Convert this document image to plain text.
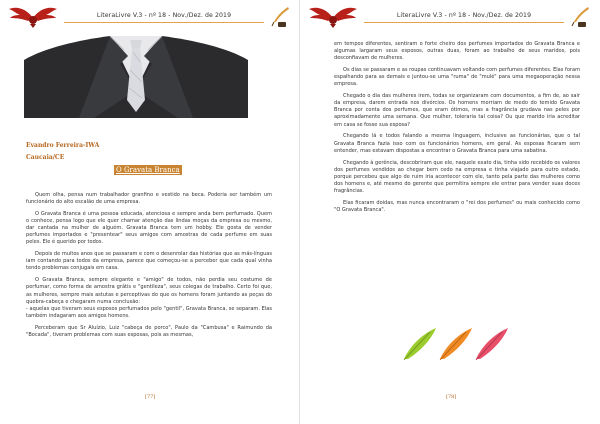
LiteraLivre V.3 - nº 18 - Nov./Dez. de 2019
Evandro Ferreira-IWA
Caucaia/CE
O Gravata Branca

Quem olha, pensa num trabalhador granfino e vestido na beca. Poderia ser também um funcionário do alto escalão de uma empresa.

O Gravata Branca é uma pessoa educada, atenciosa e sempre anda bem perfumado. Quem o conhece, pensa logo que ele quer chamar atenção das lindas moças da empresa ou mesmo, dar cantada na mulher de alguém. Gravata Branca tem um hobby. Ele gosta de vender perfumes importados e "presentear" seus amigos com amostras de cada perfume em suas peles. Ele é querido por todos.

Depois de muitos anos que se passaram e com o desenrolar das histórias que as más-línguas iam contando para todos da empresa, parece que começou-se a perceber que cada qual vinha tendo problemas conjugais em casa.

O Gravata Branca, sempre elegante e "amigo" de todos, não perdia seu costume de perfumar, como forma de amostra grátis e "gentileza", seus colegas de trabalho. Certo foi que, as mulheres, sempre mais astutas e perceptivas do que os homens foram juntando as peças do quebra-cabeça e chegaram numa conclusão:

- aquelas que tiveram seus esposos perfumados pelo "gentil", Gravata Branca, se separam. Elas também indagaram aos amigos homens.

Perceberam que Sr Aluízio, Luiz "cabeça de porco", Paulo da "Cambusa" e Raimundo da "Bocada", tiveram problemas com suas esposas, pois as mesmas,

[77]
LiteraLivre V.3 - nº 18 - Nov./Dez. de 2019

em tempos diferentes, sentiram o forte cheiro dos perfumes importados do Gravata Branca e algumas largaram seus esposos, outras duas, foram ao trabalho de seus maridos, pois desconfiavam de mulheres.

Os dias se passaram e as roupas continuavam voltando com perfumes diferentes. Elas foram espalhando para as demais e juntou-se uma "ruma" de "mulé" para uma megaoperação nessa empresa.

Chegado o dia das mulheres irem, todas se organizaram com documentos, a fim de, ao sair da empresa, darem entrada nos divórcios. Os homens morriam de medo do temido Gravata Branca por conta dos perfumes, que eram ótimos, mas a fragrância grudava nas peles por aproximadamente uma semana. Que mulher, toleraria tal coisa? Ou que marido iria acreditar em casa se fosse sua esposa?

Chegando lá e todos falando a mesma linguagem, inclusive as funcionárias, que o tal Gravata Branca fazia isso com os funcionários homens, em geral. As esposas ficaram sem entender, mas estavam dispostas a encontrar o Gravata Branca para uma sabatina.

Chegando à gerência, descobriram que ele, naquele exato dia, tinha sido recebido os valores dos perfumes vendidos ao chegar bem cedo na empresa e tinha viajado para outro estado, porque percebeu que algo de ruim iria acontecer com ele, tanto pela parte das mulheres como dos homens e, até mesmo do gerente que permitira sempre ele entrar para vender suas doces fragrâncias.

Elas ficaram doidas, mas nunca encontraram o "rei dos perfumes" ou mais conhecido como "O Gravata Branca".

[78]
